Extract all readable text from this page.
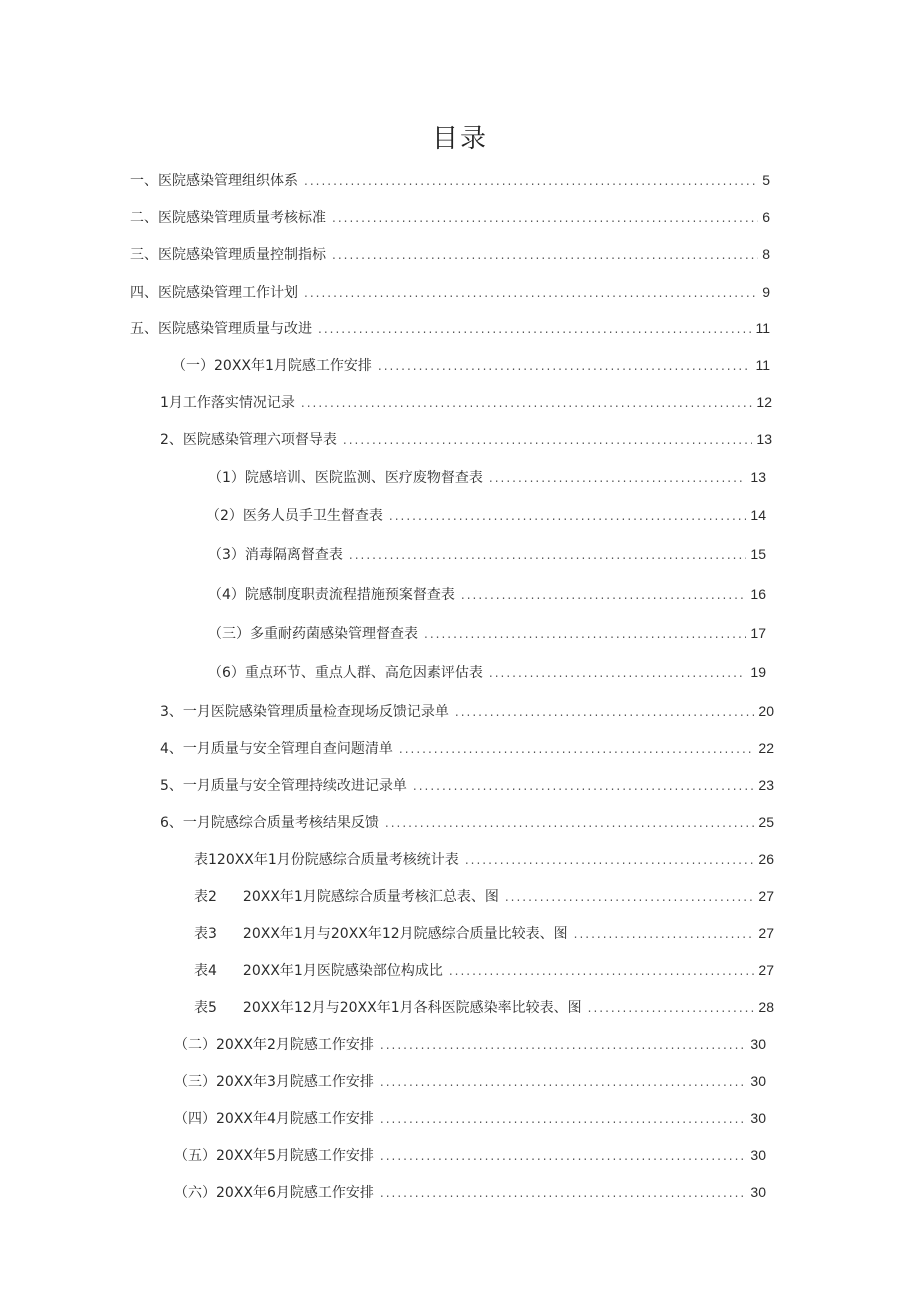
目录
一、医院感染管理组织体系 .....	5
二、医院感染管理质量考核标准 .....	6
三、医院感染管理质量控制指标 .....	8
四、医院感染管理工作计划 .....	9
五、医院感染管理质量与改进 .....	11
（一）20XX年1月院感工作安排 .....	11
1月工作落实情况记录 .....	12
2、医院感染管理六项督导表 .....	13
（1）院感培训、医院监测、医疗废物督查表 .....	13
（2）医务人员手卫生督查表 .....	14
（3）消毒隔离督查表 .....	15
（4）院感制度职责流程措施预案督查表 .....	16
（三）多重耐药菌感染管理督查表 .....	17
（6）重点环节、重点人群、高危因素评估表 .....	19
3、一月医院感染管理质量检查现场反馈记录单 .....	20
4、一月质量与安全管理自查问题清单 .....	22
5、一月质量与安全管理持续改进记录单 .....	23
6、一月院感综合质量考核结果反馈 .....	25
表120XX年1月份院感综合质量考核统计表 .....	26
表2 20XX年1月院感综合质量考核汇总表、图 .....	27
表3 20XX年1月与20XX年12月院感综合质量比较表、图 .....	27
表4 20XX年1月医院感染部位构成比 .....	27
表5 20XX年12月与20XX年1月各科医院感染率比较表、图 .....	28
（二）20XX年2月院感工作安排 .....	30
（三）20XX年3月院感工作安排 .....	30
（四）20XX年4月院感工作安排 .....	30
（五）20XX年5月院感工作安排 .....	30
（六）20XX年6月院感工作安排 .....	30
